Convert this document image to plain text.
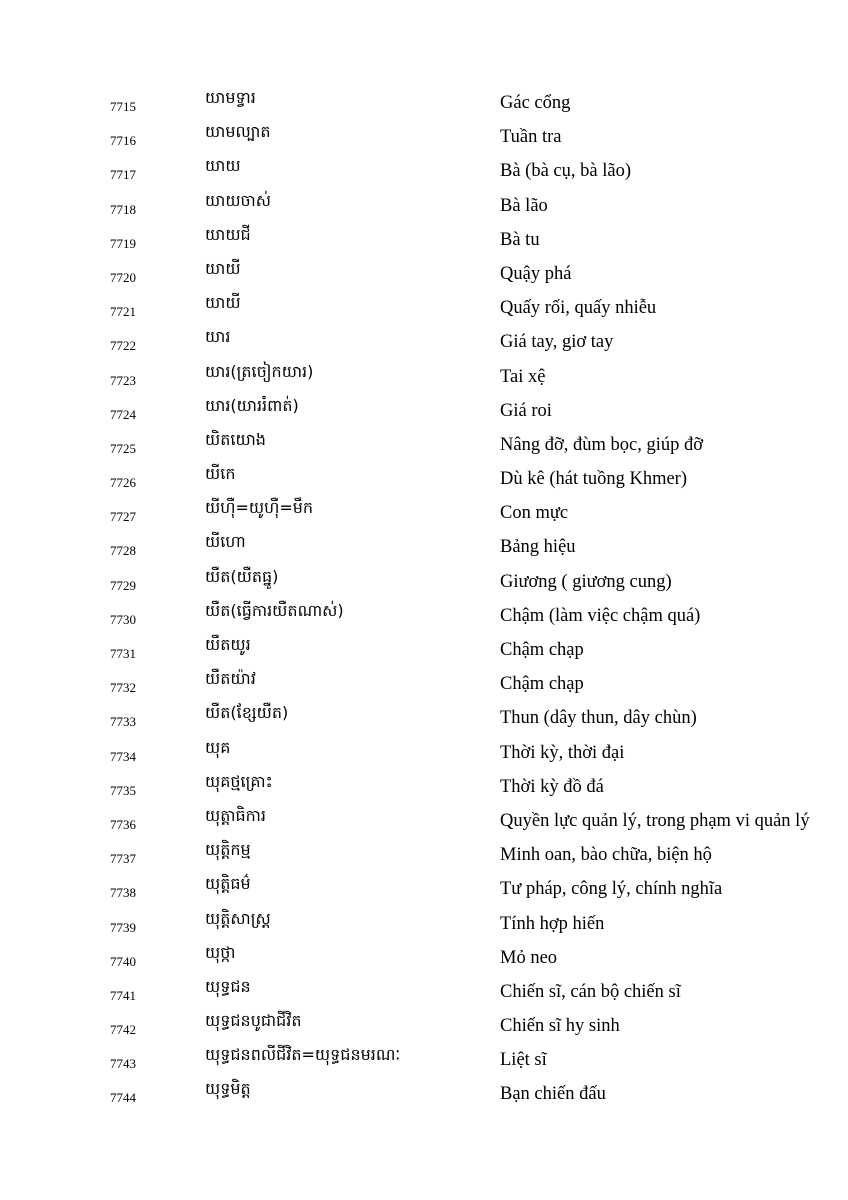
7715	យាមទ្វារ	Gác cổng
7716	យាមល្បាត	Tuần tra
7717	យាយ	Bà (bà cụ, bà lão)
7718	យាយចាស់	Bà lão
7719	យាយជី	Bà tu
7720	យាយី	Quậy phá
7721	យាយី	Quấy rối, quấy nhiễu
7722	យារ	Giá tay, giơ tay
7723	យារ(ត្រចៀកយារ)	Tai xệ
7724	យារ(យាររំពាត់)	Giá roi
7725	យិតយោង	Nâng đỡ, đùm bọc, giúp đỡ
7726	យីកេ	Dù kê (hát tuồng Khmer)
7727	យីហ៊ឺ=យូហ៊ឺ=មឹក	Con mực
7728	យីហោ	Bảng hiệu
7729	យឺត(យឺតធ្នូ)	Giương ( giương cung)
7730	យឺត(ធ្វើការយឺតណាស់)	Chậm (làm việc chậm quá)
7731	យឺតយូរ	Chậm chạp
7732	យឺតយ៉ាវ	Chậm chạp
7733	យឺត(ខ្សែយឺត)	Thun (dây thun, dây chùn)
7734	យុគ	Thời kỳ, thời đại
7735	យុគថ្មគ្រោះ	Thời kỳ đồ đá
7736	យុត្តាធិការ	Quyền lực quản lý, trong phạm vi quản lý
7737	យុត្តិកម្ម	Minh oan, bào chữa, biện hộ
7738	យុត្តិធម៌	Tư pháp, công lý, chính nghĩa
7739	យុត្តិសាស្ត្រ	Tính hợp hiến
7740	យុថ្កា	Mỏ neo
7741	យុទ្ធជន	Chiến sĩ, cán bộ chiến sĩ
7742	យុទ្ធជនបូជាជីវិត	Chiến sĩ hy sinh
7743	យុទ្ធជនពលីជីវិត=យុទ្ធជនមរណៈ	Liệt sĩ
7744	យុទ្ធមិត្ត	Bạn chiến đấu
